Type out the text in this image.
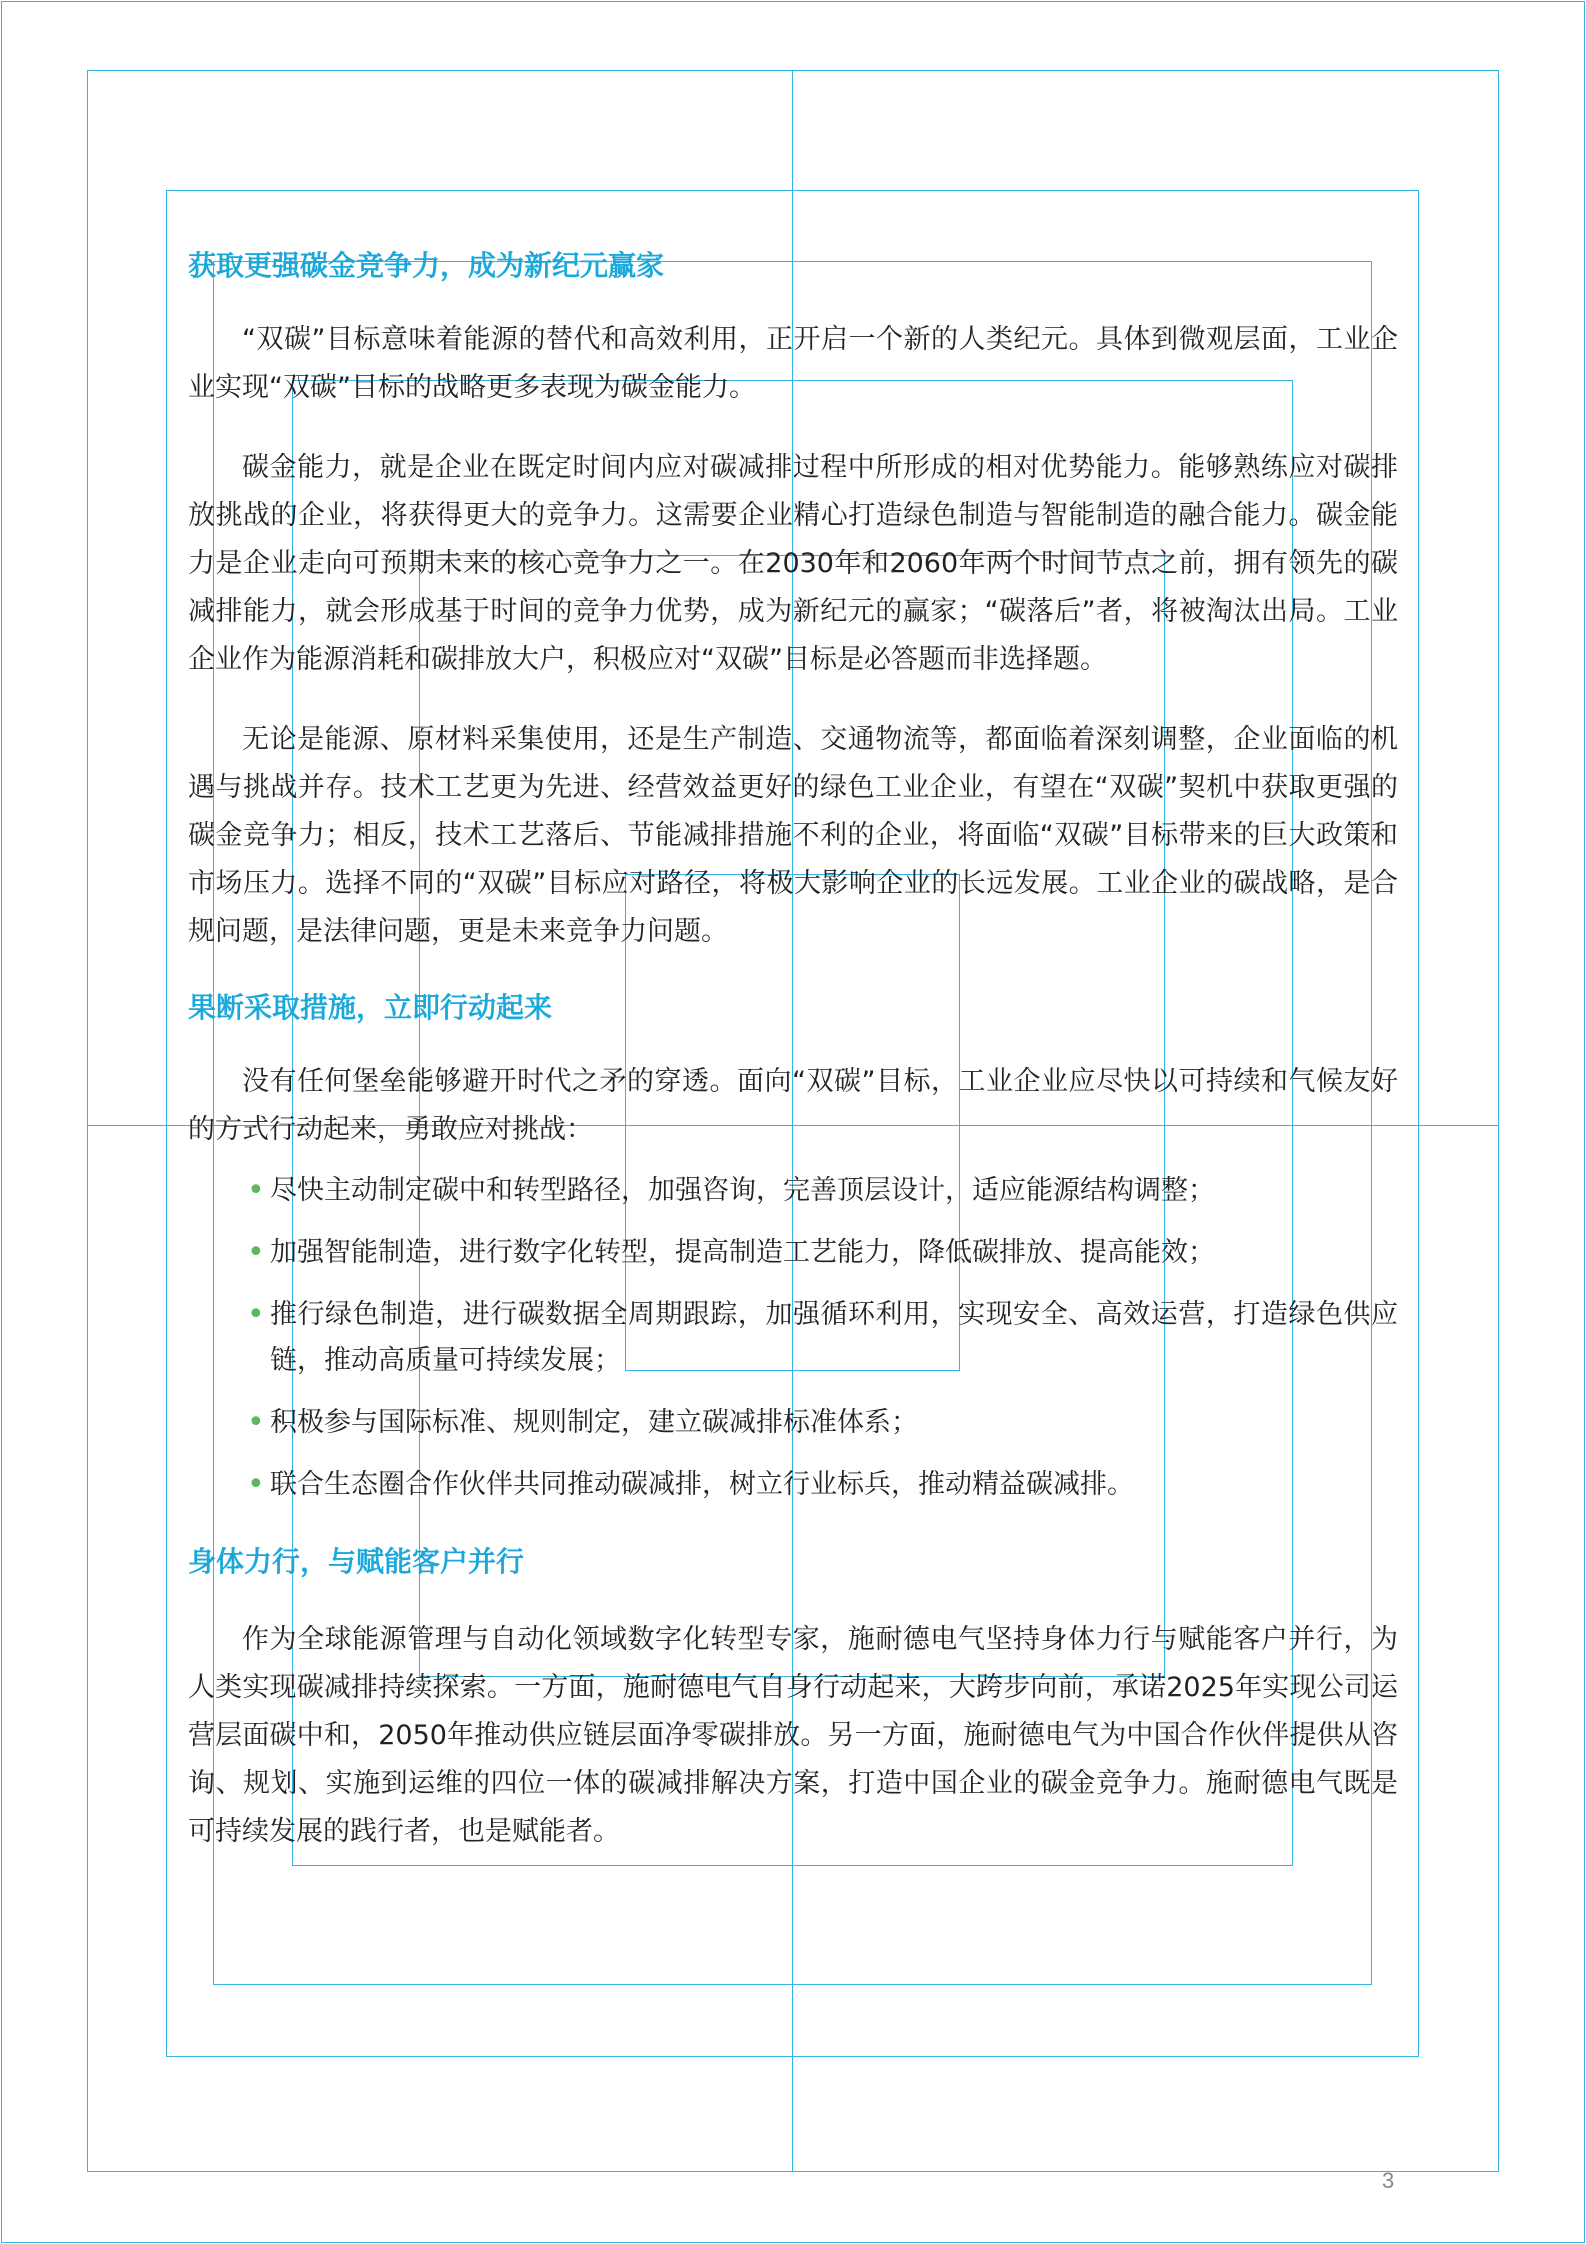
获取更强碳金竞争力，成为新纪元赢家

“双碳”目标意味着能源的替代和高效利用，正开启一个新的人类纪元。具体到微观层面，工业企业实现“双碳”目标的战略更多表现为碳金能力。

碳金能力，就是企业在既定时间内应对碳减排过程中所形成的相对优势能力。能够熟练应对碳排放挑战的企业，将获得更大的竞争力。这需要企业精心打造绿色制造与智能制造的融合能力。碳金能力是企业走向可预期未来的核心竞争力之一。在2030年和2060年两个时间节点之前，拥有领先的碳减排能力，就会形成基于时间的竞争力优势，成为新纪元的赢家；“碳落后”者，将被淘汰出局。工业企业作为能源消耗和碳排放大户，积极应对“双碳”目标是必答题而非选择题。

无论是能源、原材料采集使用，还是生产制造、交通物流等，都面临着深刻调整，企业面临的机遇与挑战并存。技术工艺更为先进、经营效益更好的绿色工业企业，有望在“双碳”契机中获取更强的碳金竞争力；相反，技术工艺落后、节能减排措施不利的企业，将面临“双碳”目标带来的巨大政策和市场压力。选择不同的“双碳”目标应对路径，将极大影响企业的长远发展。工业企业的碳战略，是合规问题，是法律问题，更是未来竞争力问题。

果断采取措施，立即行动起来

没有任何堡垒能够避开时代之矛的穿透。面向“双碳”目标，工业企业应尽快以可持续和气候友好的方式行动起来，勇敢应对挑战：

• 尽快主动制定碳中和转型路径，加强咨询，完善顶层设计，适应能源结构调整；
• 加强智能制造，进行数字化转型，提高制造工艺能力，降低碳排放、提高能效；
• 推行绿色制造，进行碳数据全周期跟踪，加强循环利用，实现安全、高效运营，打造绿色供应链，推动高质量可持续发展；
• 积极参与国际标准、规则制定，建立碳减排标准体系；
• 联合生态圈合作伙伴共同推动碳减排，树立行业标兵，推动精益碳减排。
身体力行，与赋能客户并行

作为全球能源管理与自动化领域数字化转型专家，施耐德电气坚持身体力行与赋能客户并行，为人类实现碳减排持续探索。一方面，施耐德电气自身行动起来，大跨步向前，承诺2025年实现公司运营层面碳中和，2050年推动供应链层面净零碳排放。另一方面，施耐德电气为中国合作伙伴提供从咨询、规划、实施到运维的四位一体的碳减排解决方案，打造中国企业的碳金竞争力。施耐德电气既是可持续发展的践行者，也是赋能者。

3
